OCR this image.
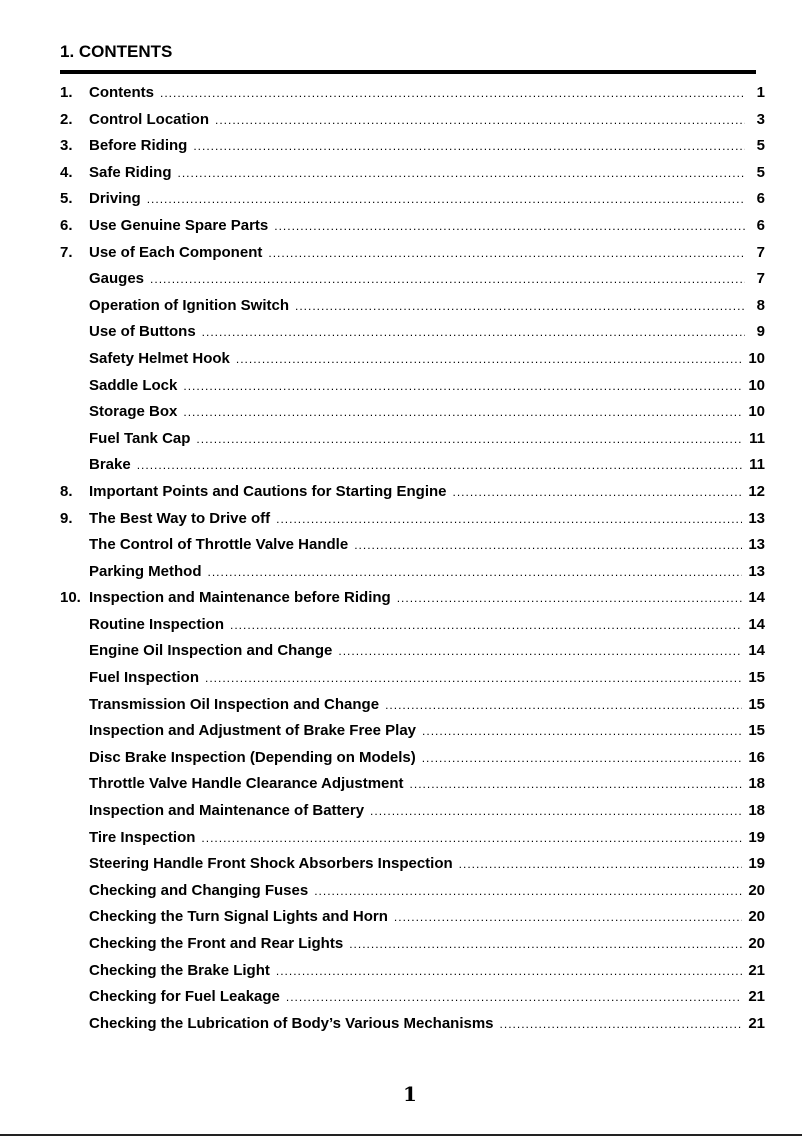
1. CONTENTS
1.	Contents .....	1
2.	Control Location .....	3
3.	Before Riding .....	5
4.	Safe Riding .....	5
5.	Driving .....	6
6.	Use Genuine Spare Parts .....	6
7.	Use of Each Component .....	7
Gauges .....	7
Operation of Ignition Switch .....	8
Use of Buttons .....	9
Safety Helmet Hook .....	10
Saddle Lock .....	10
Storage Box .....	10
Fuel Tank Cap .....	11
Brake .....	11
8.	Important Points and Cautions for Starting Engine .....	12
9.	The Best Way to Drive off .....	13
The Control of Throttle Valve Handle .....	13
Parking Method .....	13
10. Inspection and Maintenance before Riding .....	14
Routine Inspection .....	14
Engine Oil Inspection and Change .....	14
Fuel Inspection .....	15
Transmission Oil Inspection and Change .....	15
Inspection and Adjustment of Brake Free Play .....	15
Disc Brake Inspection (Depending on Models) .....	16
Throttle Valve Handle Clearance Adjustment .....	18
Inspection and Maintenance of Battery .....	18
Tire Inspection .....	19
Steering Handle Front Shock Absorbers Inspection .....	19
Checking and Changing Fuses .....	20
Checking the Turn Signal Lights and Horn .....	20
Checking the Front and Rear Lights .....	20
Checking the Brake Light .....	21
Checking for Fuel Leakage .....	21
Checking the Lubrication of Body’s Various Mechanisms .....	21
1
